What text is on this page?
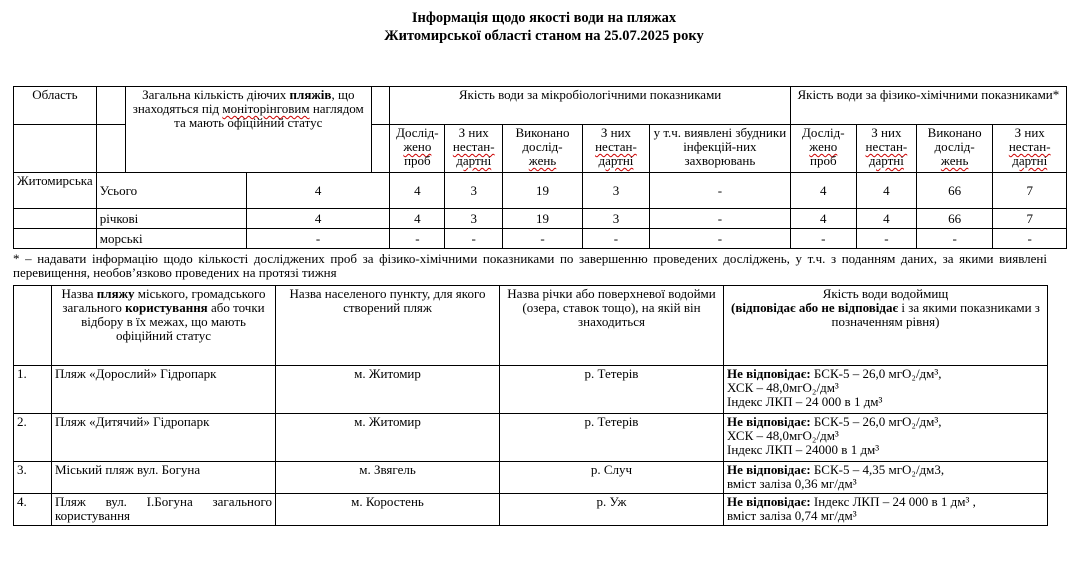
Інформація щодо якості води на пляжах
Житомирської області станом на 25.07.2025 року
Область		Загальна кількість діючих пляжів, що знаходяться під моніторінговим наглядом та мають офіційний статус			Якість води за мікробіологічними показниками					Якість води за фізико-хімічними показниками*			
					Дослід-
жено
проб	З них
нестан-
дартні	Виконано
дослід-
жень	З них
нестан-
дартні	у т.ч. виявлені збудники інфекцій-них захворювань	Дослід-
жено
проб	З них
нестан-
дартні	Виконано
дослід-
жень	З них
нестан-
дартні
Житомирська	Усього		4		4	3	19	3	-	4	4	66	7
	річкові		4		4	3	19	3	-	4	4	66	7
	морські		-		-	-	-	-	-	-	-	-	-
* – надавати інформацію щодо кількості досліджених проб за фізико-хімічними показниками по завершенню проведених досліджень, у т.ч. з поданням даних, за якими виявлені перевищення, необов’язково проведених на протязі тижня
	Назва пляжу міського, громадського загального користування або точки відбору в їх межах, що мають офіційний статус	Назва населеного пункту, для якого створений пляж	Назва річки або поверхневої водойми (озера, ставок тощо), на якій він знаходиться	Якість води водоймищ
(відповідає або не відповідає і за якими показниками з позначенням рівня)
1.	Пляж «Дорослий» Гідропарк	м. Житомир	р. Тетерів	Не відповідає: БСК-5 – 26,0 мгО₂/дм³,
ХСК – 48,0мгО₂/дм³
Індекс ЛКП – 24 000 в 1 дм³
2.	Пляж «Дитячий» Гідропарк	м. Житомир	р. Тетерів	Не відповідає: БСК-5 – 26,0 мгО₂/дм³,
ХСК – 48,0мгО₂/дм³
Індекс ЛКП – 24000 в 1 дм³
3.	Міський пляж вул. Богуна	м. Звягель	р. Случ	Не відповідає: БСК-5 – 4,35 мгО₂/дм3,
вміст заліза 0,36 мг/дм³
4.	Пляж вул. І.Богуна загального користування	м. Коростень	р. Уж	Не відповідає: Індекс ЛКП – 24 000 в 1 дм³ ,
вміст заліза 0,74 мг/дм³
